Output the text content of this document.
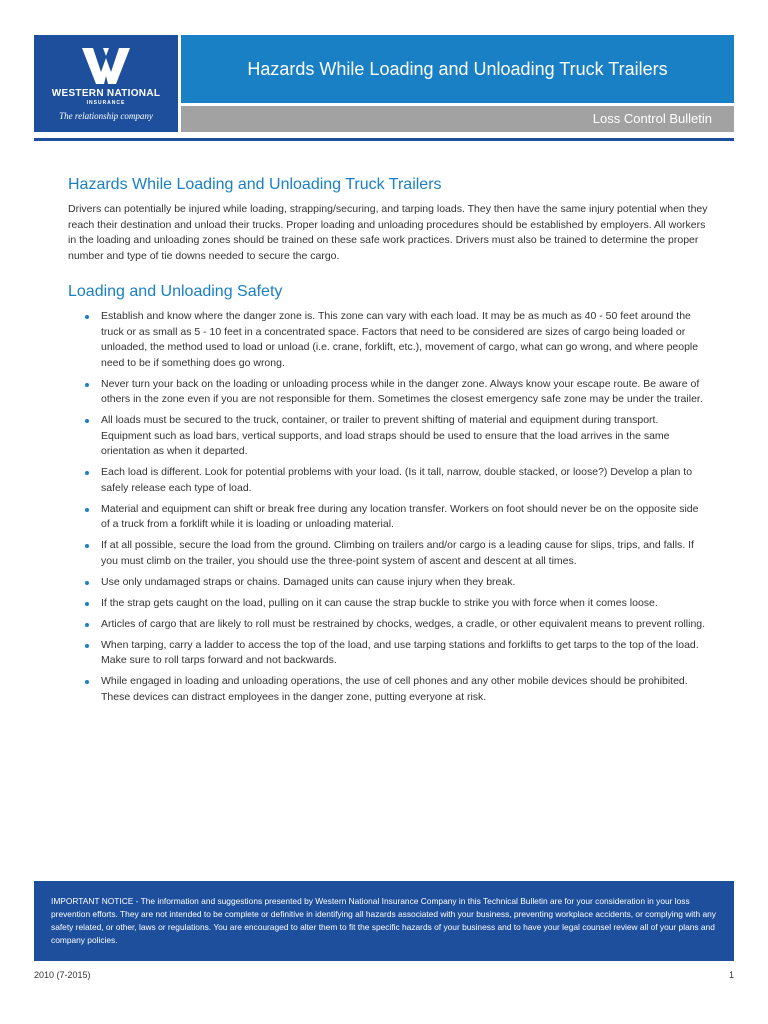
WESTERN NATIONAL
INSURANCE
The relationship company
Hazards While Loading and Unloading Truck Trailers
Loss Control Bulletin
Hazards While Loading and Unloading Truck Trailers

Drivers can potentially be injured while loading, strapping/securing, and tarping loads. They then have the same injury potential when they reach their destination and unload their trucks. Proper loading and unloading procedures should be established by employers. All workers in the loading and unloading zones should be trained on these safe work practices. Drivers must also be trained to determine the proper number and type of tie downs needed to secure the cargo.

Loading and Unloading Safety
Establish and know where the danger zone is. This zone can vary with each load. It may be as much as 40 - 50 feet around the truck or as small as 5 - 10 feet in a concentrated space. Factors that need to be considered are sizes of cargo being loaded or unloaded, the method used to load or unload (i.e. crane, forklift, etc.), movement of cargo, what can go wrong, and where people need to be if something does go wrong.
Never turn your back on the loading or unloading process while in the danger zone. Always know your escape route. Be aware of others in the zone even if you are not responsible for them. Sometimes the closest emergency safe zone may be under the trailer.
All loads must be secured to the truck, container, or trailer to prevent shifting of material and equipment during transport. Equipment such as load bars, vertical supports, and load straps should be used to ensure that the load arrives in the same orientation as when it departed.
Each load is different. Look for potential problems with your load. (Is it tall, narrow, double stacked, or loose?) Develop a plan to safely release each type of load.
Material and equipment can shift or break free during any location transfer. Workers on foot should never be on the opposite side of a truck from a forklift while it is loading or unloading material.
If at all possible, secure the load from the ground. Climbing on trailers and/or cargo is a leading cause for slips, trips, and falls. If you must climb on the trailer, you should use the three-point system of ascent and descent at all times.
Use only undamaged straps or chains. Damaged units can cause injury when they break.
If the strap gets caught on the load, pulling on it can cause the strap buckle to strike you with force when it comes loose.
Articles of cargo that are likely to roll must be restrained by chocks, wedges, a cradle, or other equivalent means to prevent rolling.
When tarping, carry a ladder to access the top of the load, and use tarping stations and forklifts to get tarps to the top of the load. Make sure to roll tarps forward and not backwards.
While engaged in loading and unloading operations, the use of cell phones and any other mobile devices should be prohibited. These devices can distract employees in the danger zone, putting everyone at risk.
IMPORTANT NOTICE - The information and suggestions presented by Western National Insurance Company in this Technical Bulletin are for your consideration in your loss prevention efforts. They are not intended to be complete or definitive in identifying all hazards associated with your business, preventing workplace accidents, or complying with any safety related, or other, laws or regulations. You are encouraged to alter them to fit the specific hazards of your business and to have your legal counsel review all of your plans and company policies.
2010 (7-2015)	1
